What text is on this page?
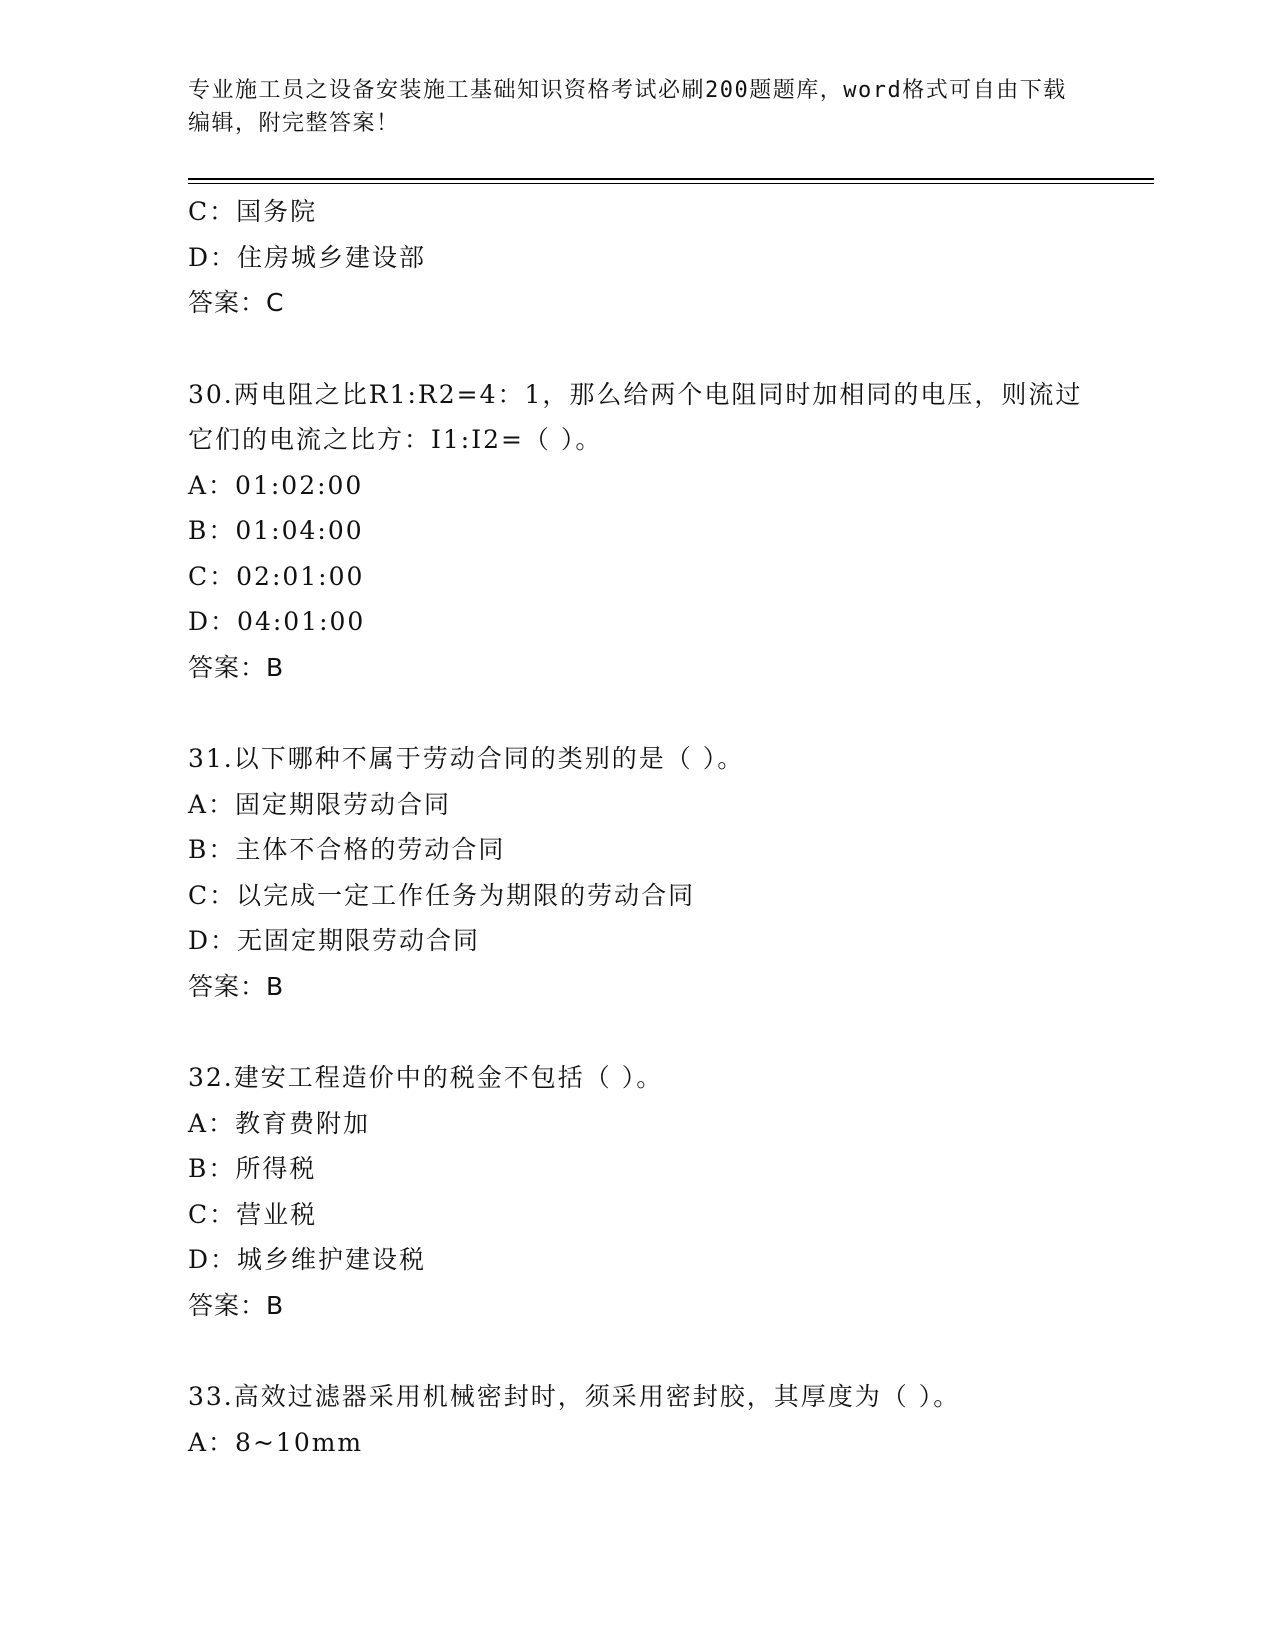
专业施工员之设备安装施工基础知识资格考试必刷200题题库，word格式可自由下载编辑，附完整答案！
C：国务院
D：住房城乡建设部
答案：C
30.两电阻之比R1:R2=4：1，那么给两个电阻同时加相同的电压，则流过它们的电流之比方：I1:I2=（ ）。
A：01:02:00
B：01:04:00
C：02:01:00
D：04:01:00
答案：B
31.以下哪种不属于劳动合同的类别的是（ ）。
A：固定期限劳动合同
B：主体不合格的劳动合同
C：以完成一定工作任务为期限的劳动合同
D：无固定期限劳动合同
答案：B
32.建安工程造价中的税金不包括（ ）。
A：教育费附加
B：所得税
C：营业税
D：城乡维护建设税
答案：B
33.高效过滤器采用机械密封时，须采用密封胶，其厚度为（ ）。
A：8~10mm
